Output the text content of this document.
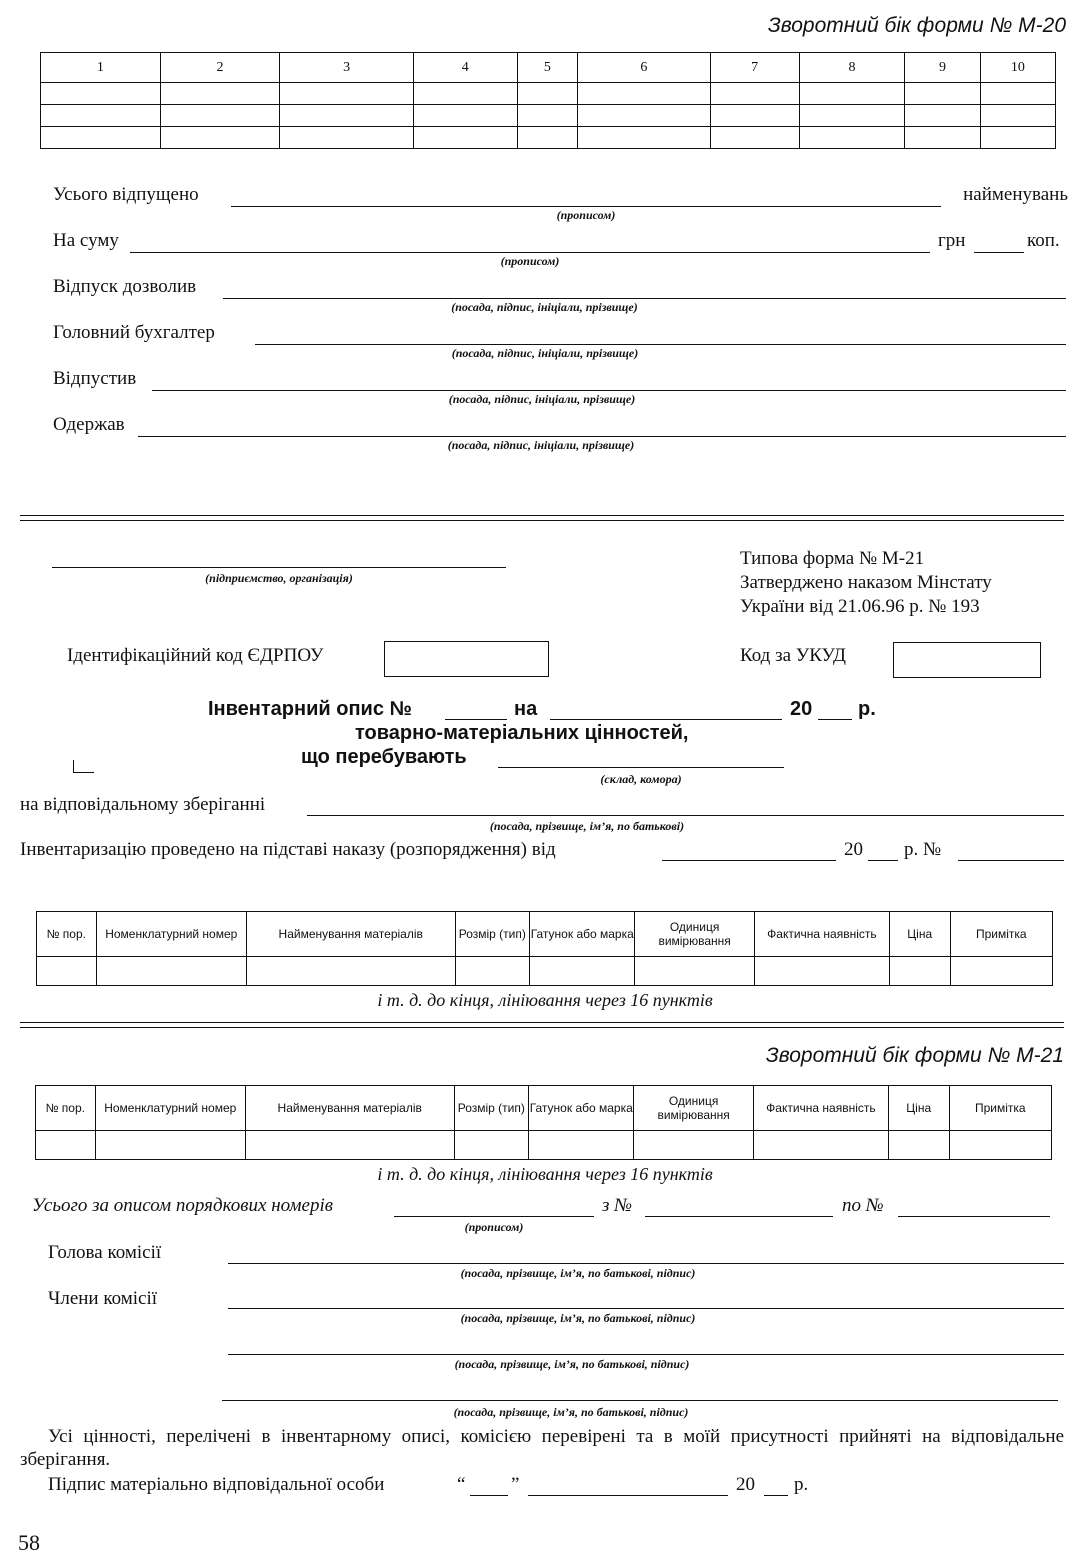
Зворотний бік форми № М-20
1	2	3	4	5	6	7	8	9	10

Усього відпущено	найменувань
(прописом)
На суму	грн	коп.
(прописом)
Відпуск дозволив
(посада, підпис, ініціали, прізвище)
Головний бухгалтер
(посада, підпис, ініціали, прізвище)
Відпустив
(посада, підпис, ініціали, прізвище)
Одержав
(посада, підпис, ініціали, прізвище)
(підприємство, організація)
Типова форма № М-21
Затверджено наказом Мінстату
України від 21.06.96 р. № 193
Ідентифікаційний код ЄДРПОУ	Код за УКУД
Інвентарний опис №	на	20 р.
товарно-матеріальних цінностей,
що перебувають
(склад, комора)
на відповідальному зберіганні
(посада, прізвище, ім’я, по батькові)
Інвентаризацію проведено на підставі наказу (розпорядження) від	20 р. №
№ пор.	Номенклатурний номер	Найменування матеріалів	Розмір (тип)	Гатунок або марка	Одиниця вимірювання	Фактична наявність	Ціна	Примітка

і т. д. до кінця, лініювання через 16 пунктів
Зворотний бік форми № М-21
№ пор.	Номенклатурний номер	Найменування матеріалів	Розмір (тип)	Гатунок або марка	Одиниця вимірювання	Фактична наявність	Ціна	Примітка

і т. д. до кінця, лініювання через 16 пунктів
Усього за описом порядкових номерів
(прописом)
з №	по №
Голова комісії
(посада, прізвище, ім’я, по батькові, підпис)
Члени комісії
(посада, прізвище, ім’я, по батькові, підпис)
(посада, прізвище, ім’я, по батькові, підпис)
(посада, прізвище, ім’я, по батькові, підпис)
Усі цінності, перелічені в інвентарному описі, комісією перевірені та в моїй присутності прийняті на відповідальне зберігання.
Підпис матеріально відповідальної особи	“ ”	20 р.
58
